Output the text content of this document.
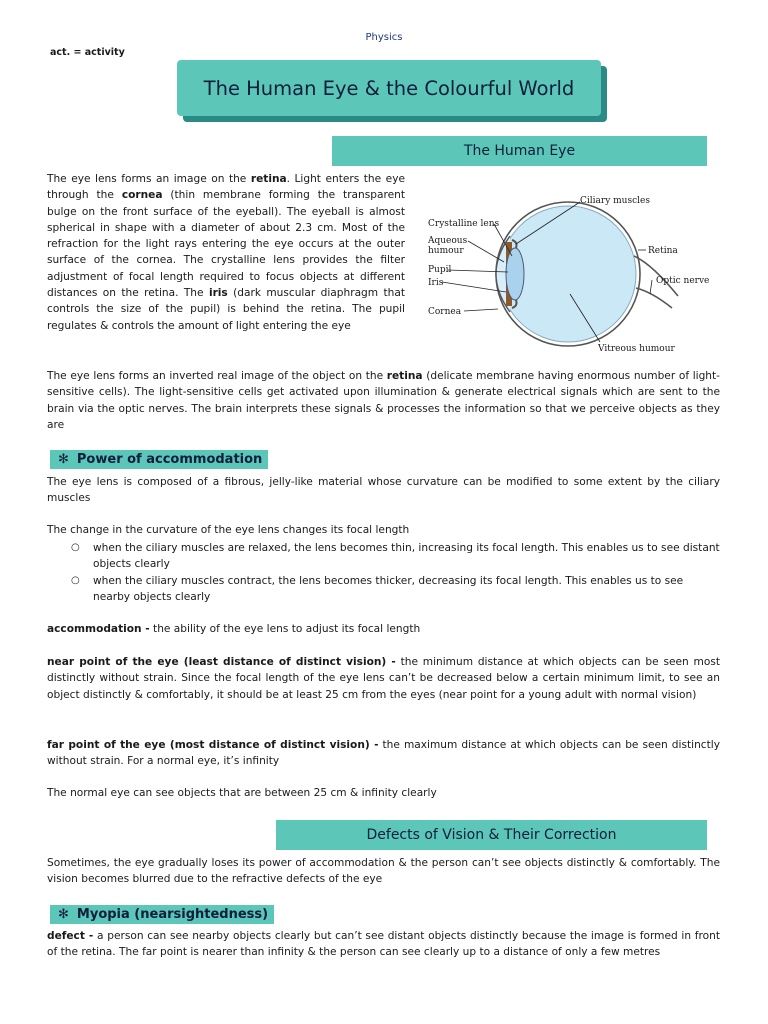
Physics
act. = activity
The Human Eye & the Colourful World
The Human Eye
The eye lens forms an image on the retina. Light enters the eye through the cornea (thin membrane forming the transparent bulge on the front surface of the eyeball). The eyeball is almost spherical in shape with a diameter of about 2.3 cm. Most of the refraction for the light rays entering the eye occurs at the outer surface of the cornea. The crystalline lens provides the filter adjustment of focal length required to focus objects at different distances on the retina. The iris (dark muscular diaphragm that controls the size of the pupil) is behind the retina. The pupil regulates & controls the amount of light entering the eye
Ciliary muscles
Crystalline lens
Aqueous
humour
Pupil
Iris
Cornea
Retina
Optic nerve
Vitreous humour
The eye lens forms an inverted real image of the object on the retina (delicate membrane having enormous number of light-sensitive cells). The light-sensitive cells get activated upon illumination & generate electrical signals which are sent to the brain via the optic nerves. The brain interprets these signals & processes the information so that we perceive objects as they are
✻ Power of accommodation
The eye lens is composed of a fibrous, jelly-like material whose curvature can be modified to some extent by the ciliary muscles
The change in the curvature of the eye lens changes its focal length
○ when the ciliary muscles are relaxed, the lens becomes thin, increasing its focal length. This enables us to see distant objects clearly
○ when the ciliary muscles contract, the lens becomes thicker, decreasing its focal length. This enables us to see nearby objects clearly
accommodation - the ability of the eye lens to adjust its focal length
near point of the eye (least distance of distinct vision) - the minimum distance at which objects can be seen most distinctly without strain. Since the focal length of the eye lens can’t be decreased below a certain minimum limit, to see an object distinctly & comfortably, it should be at least 25 cm from the eyes (near point for a young adult with normal vision)
far point of the eye (most distance of distinct vision) - the maximum distance at which objects can be seen distinctly without strain. For a normal eye, it’s infinity
The normal eye can see objects that are between 25 cm & infinity clearly
Defects of Vision & Their Correction
Sometimes, the eye gradually loses its power of accommodation & the person can’t see objects distinctly & comfortably. The vision becomes blurred due to the refractive defects of the eye
✻ Myopia (nearsightedness)
defect - a person can see nearby objects clearly but can’t see distant objects distinctly because the image is formed in front of the retina. The far point is nearer than infinity & the person can see clearly up to a distance of only a few metres
